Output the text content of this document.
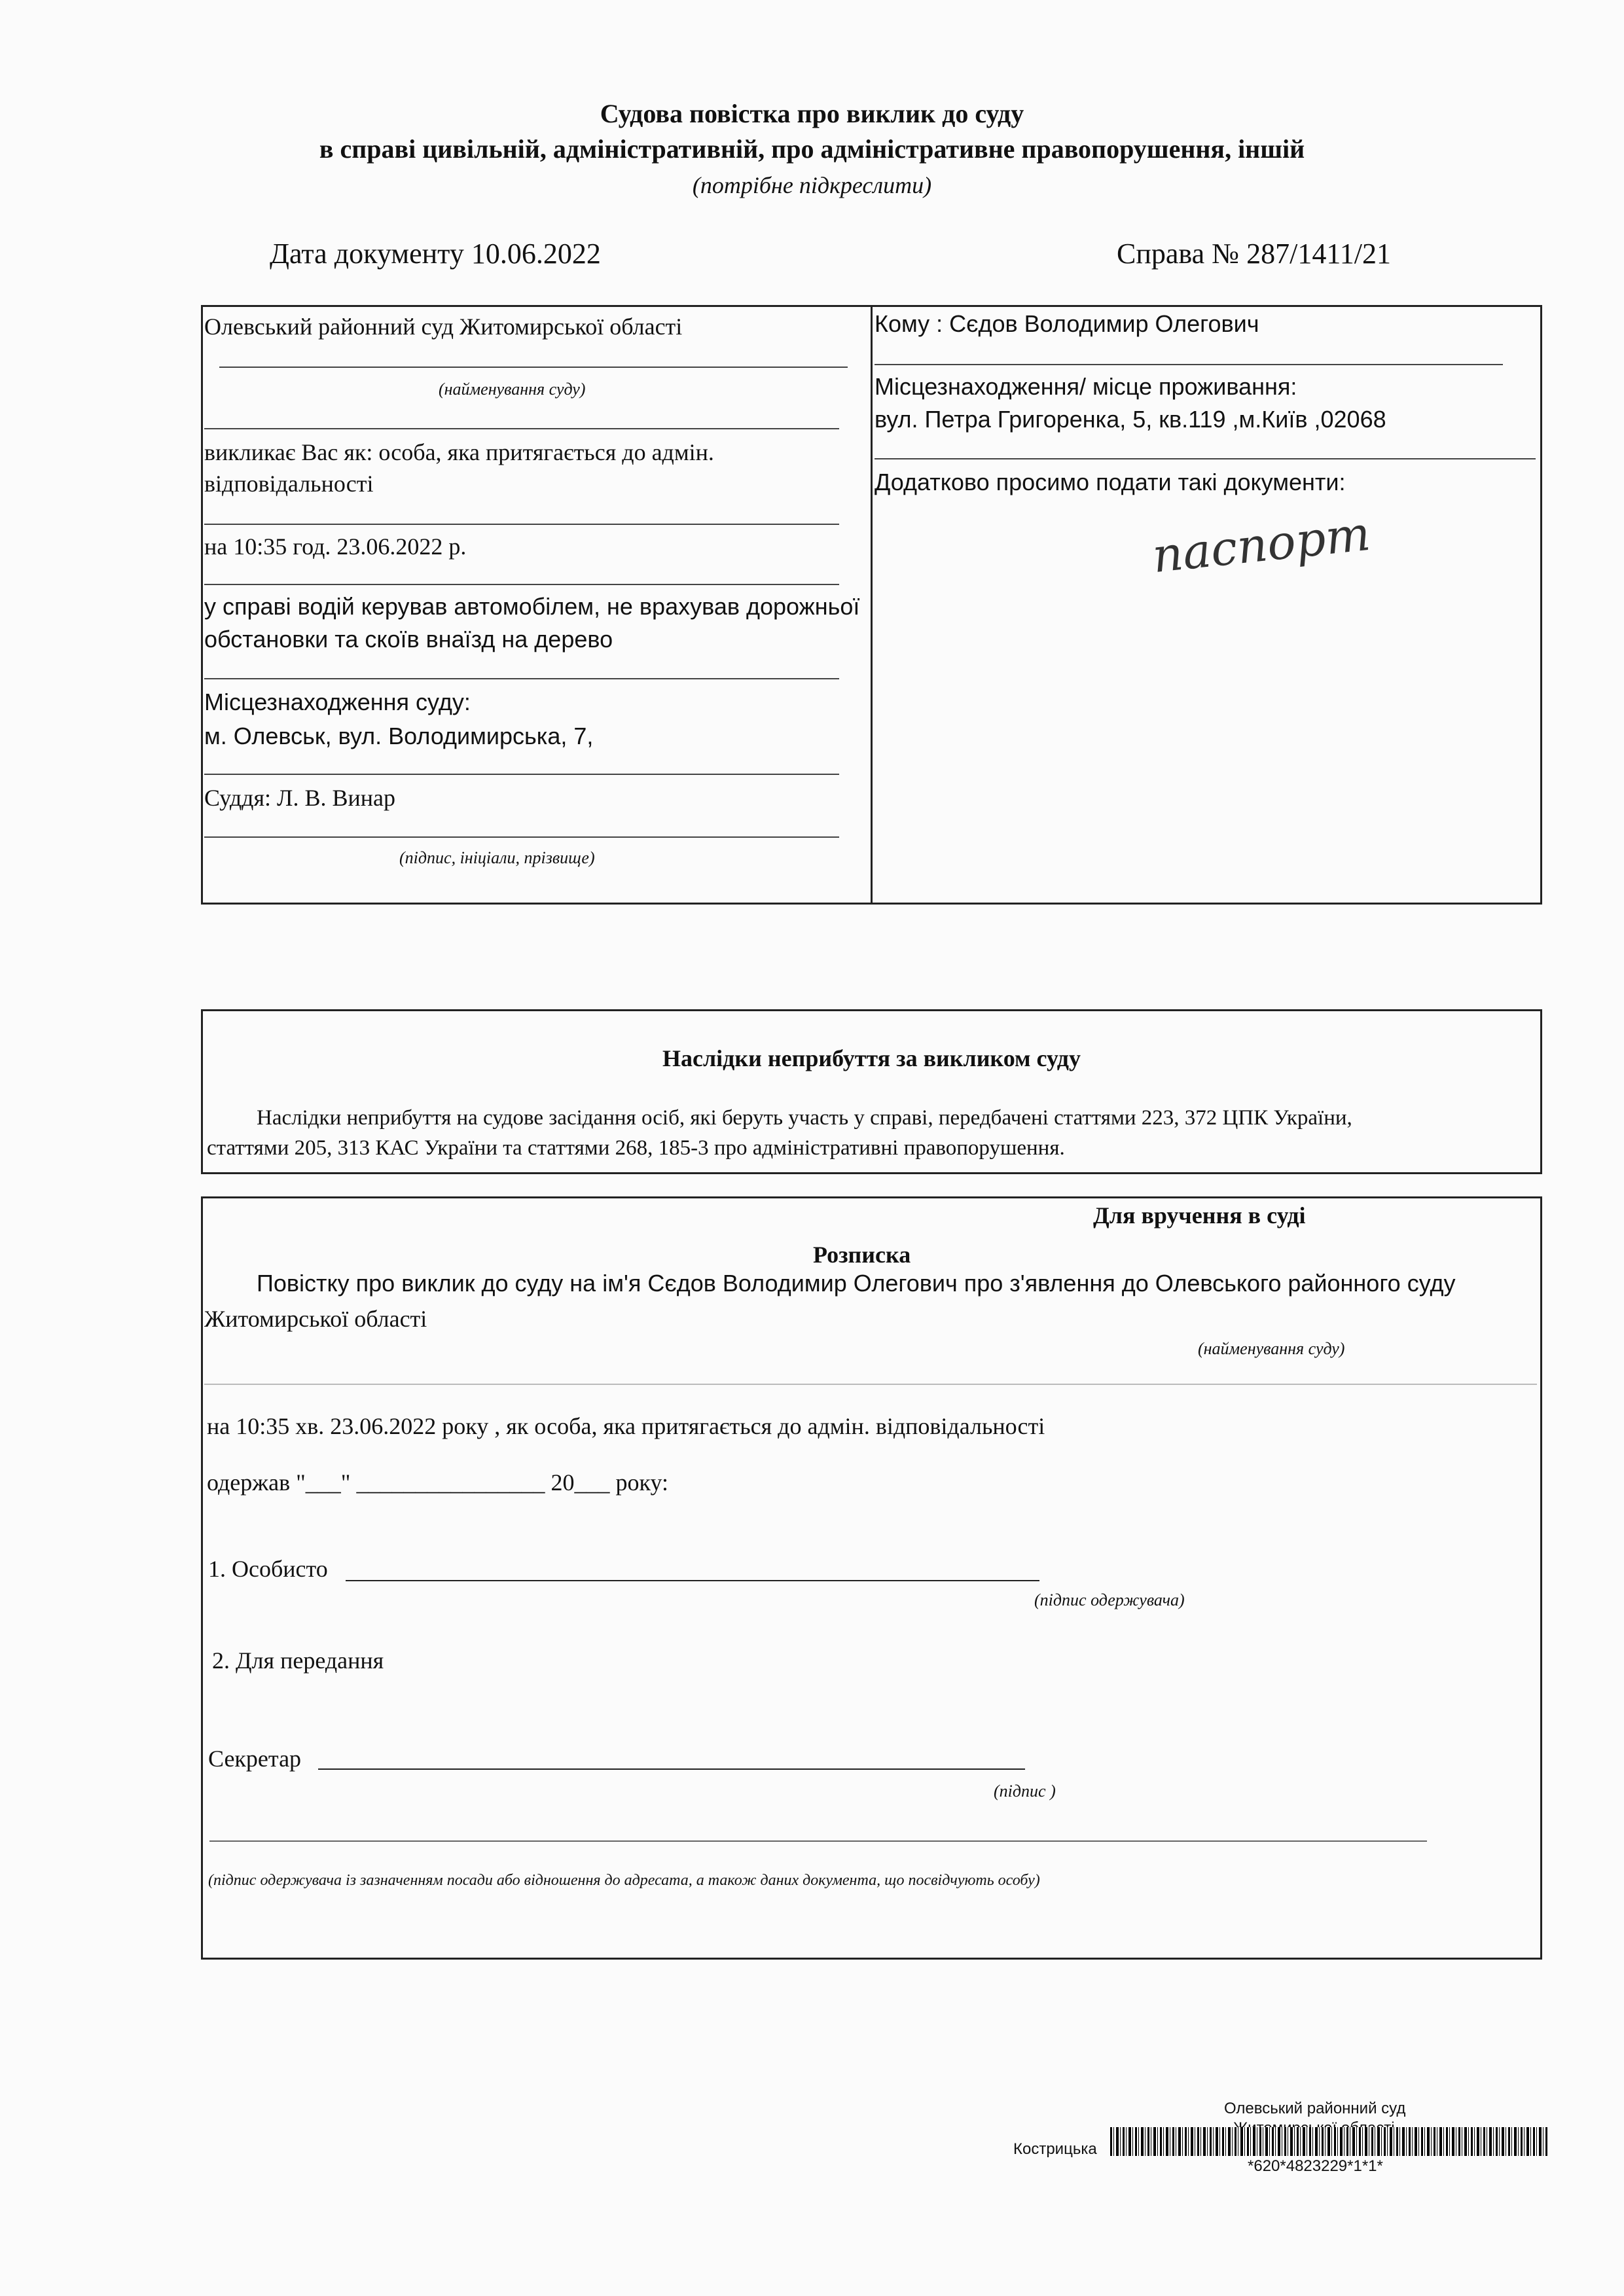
Судова повістка про виклик до суду
в справі цивільній, адміністративній, про адміністративне правопорушення, іншій
(потрібне підкреслити)
Дата документу 10.06.2022	Справа № 287/1411/21
Олевський районний суд Житомирської області
(найменування суду)
викликає Вас як: особа, яка притягається до адмін.
відповідальності
на 10:35 год. 23.06.2022 р.
у справі водій керував автомобілем, не врахував дорожньої
обстановки та скоїв внаїзд на дерево
Місцезнаходження суду:
м. Олевськ, вул. Володимирська, 7,
Суддя: Л. В. Винар
(підпис, ініціали, прізвище)
Кому : Сєдов Володимир Олегович
Місцезнаходження/ місце проживання:
вул. Петра Григоренка, 5, кв.119 ,м.Київ ,02068
Додатково просимо подати такі документи:
паспорт
Наслідки неприбуття за викликом суду
Наслідки неприбуття на судове засідання осіб, які беруть участь у справі, передбачені статтями 223, 372 ЦПК України,
статтями 205, 313 КАС України та статтями 268, 185-3 про адміністративні правопорушення.
Для вручення в суді
Розписка
Повістку про виклик до суду на ім'я Сєдов Володимир Олегович про з'явлення до Олевського районного суду
Житомирської області
(найменування суду)
на 10:35 хв. 23.06.2022 року , як особа, яка притягається до адмін. відповідальності
одержав "___" ________________ 20___ року:
1. Особисто
(підпис одержувача)
2. Для передання
Секретар
(підпис )
(підпис одержувача із зазначенням посади або відношення до адресата, а також даних документа, що посвідчують особу)
Олевський районний суд
Кострицька
*620*4823229*1*1*
